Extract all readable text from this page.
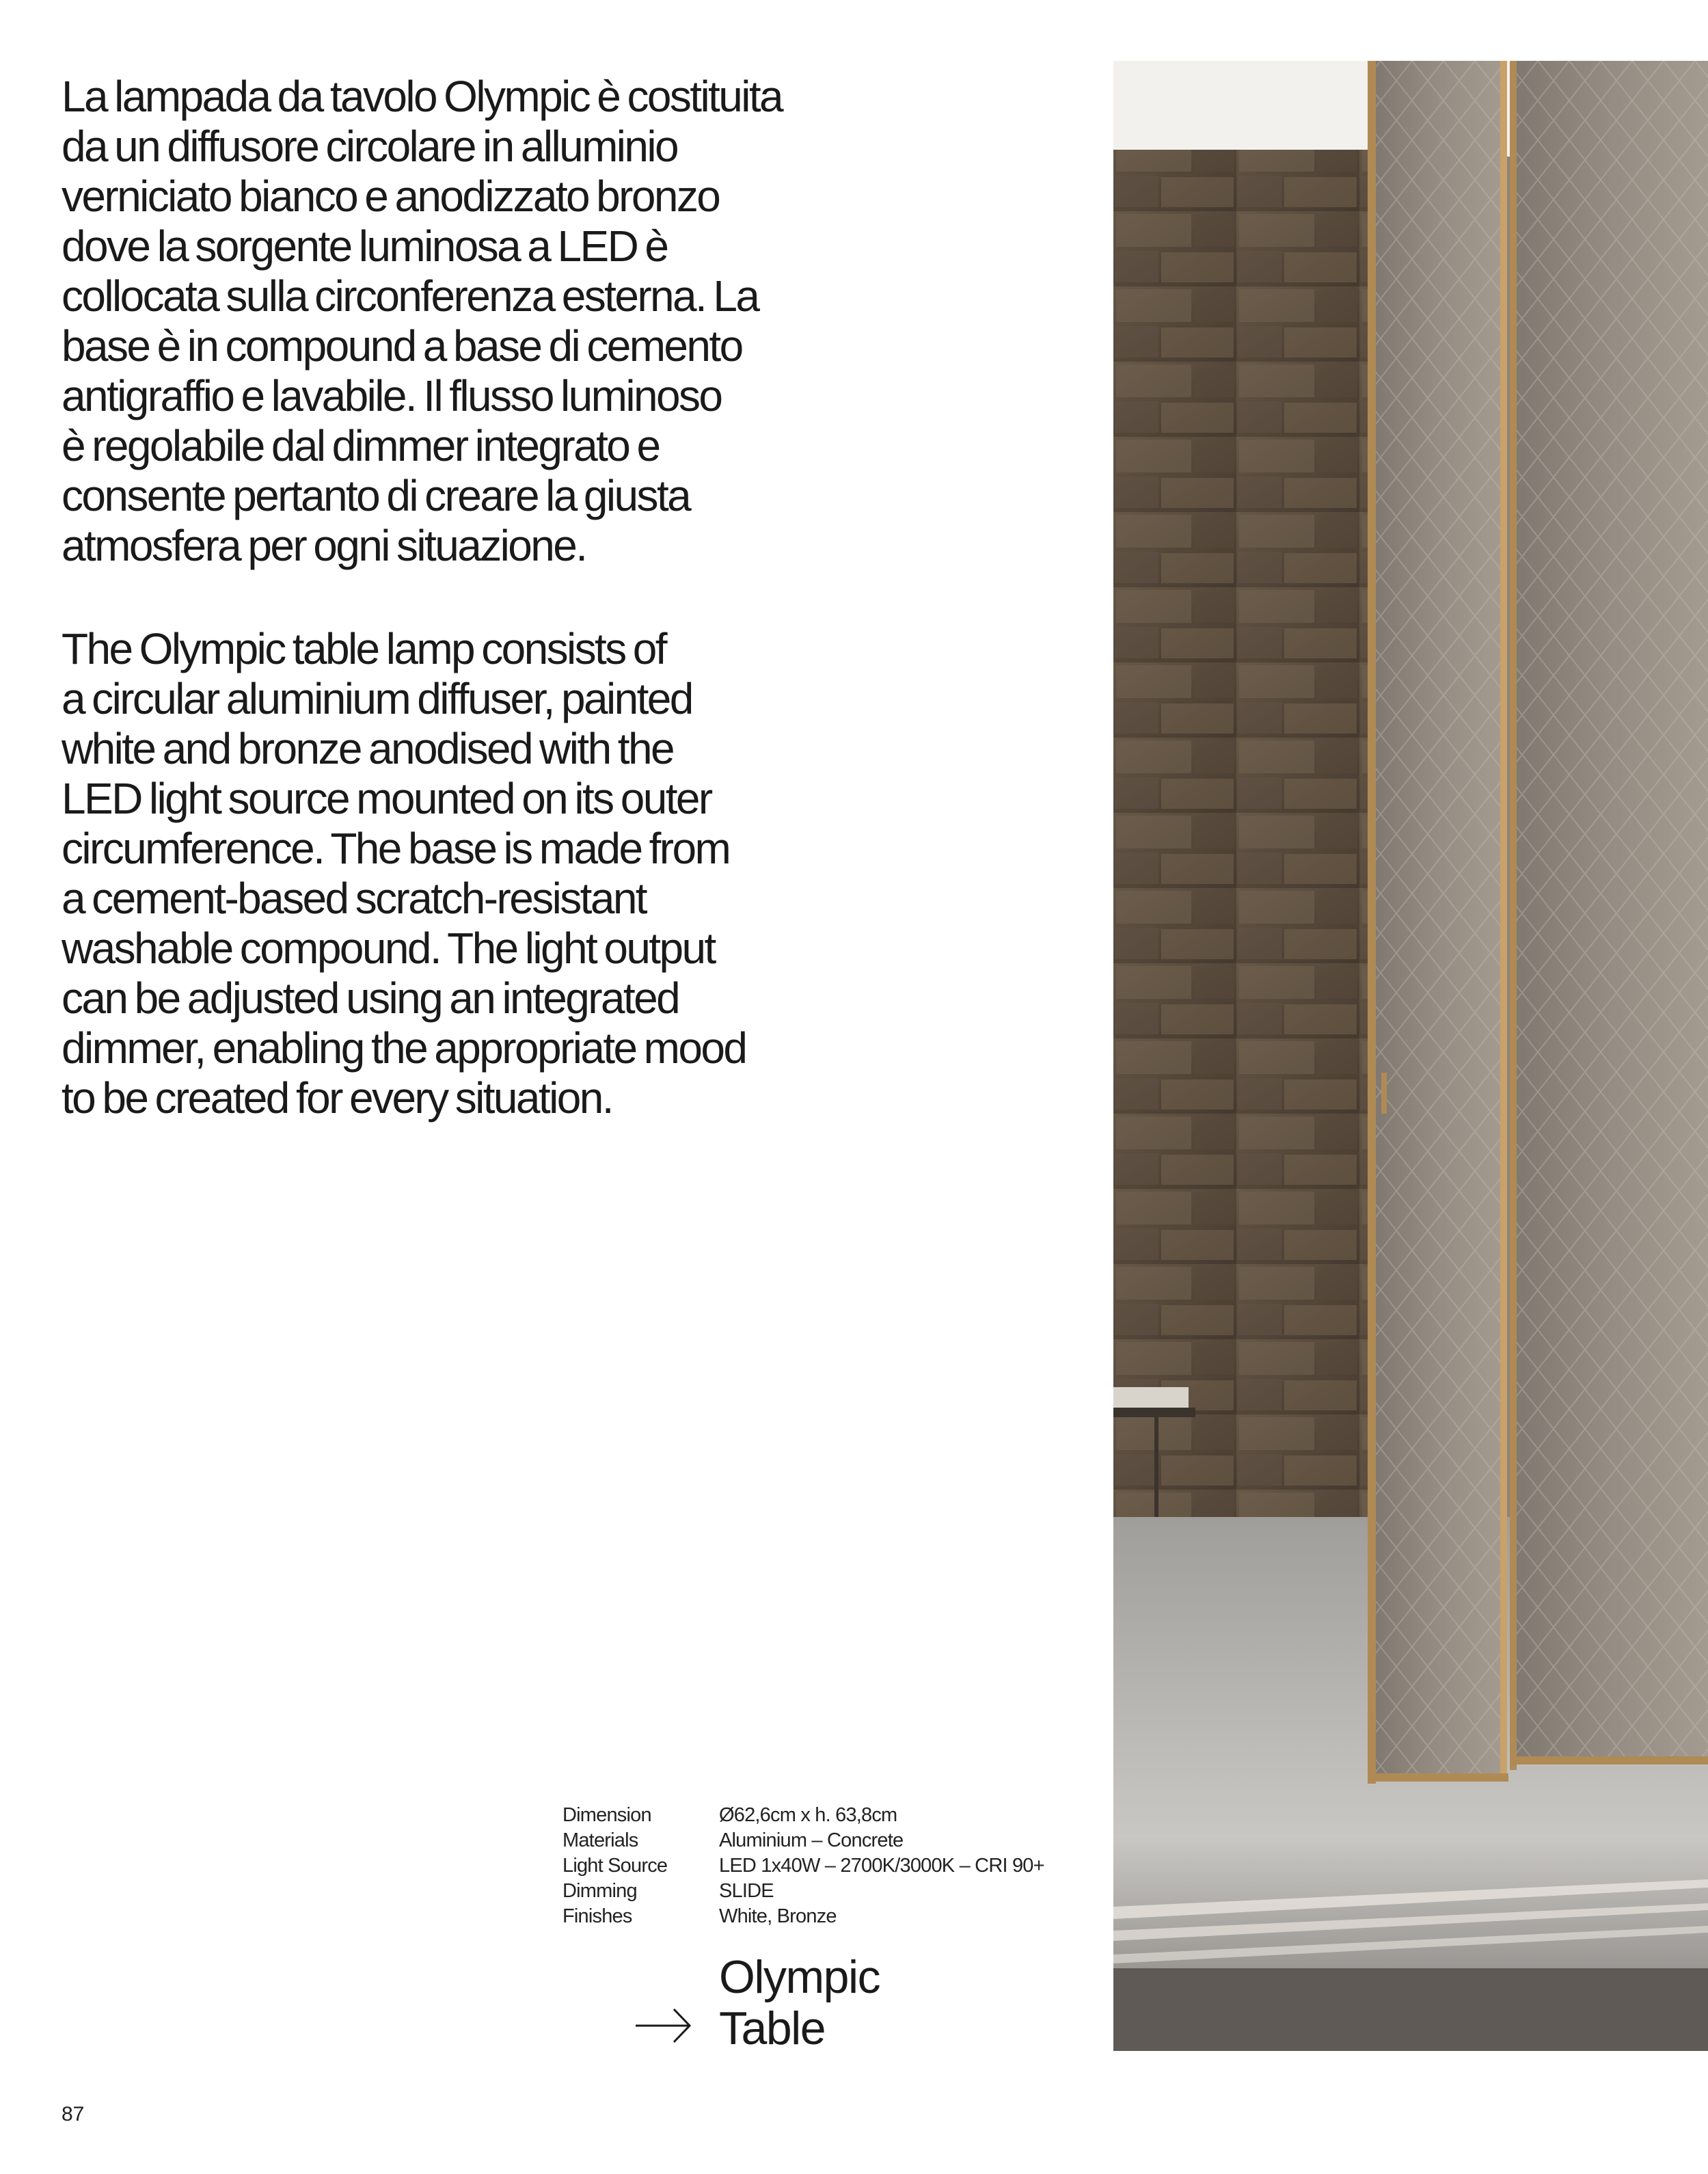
La lampada da tavolo Olympic è costituita

da un diffusore circolare in alluminio

verniciato bianco e anodizzato bronzo

dove la sorgente luminosa a LED è

collocata sulla circonferenza esterna. La

base è in compound a base di cemento

antigraffio e lavabile. Il flusso luminoso

è regolabile dal dimmer integrato e

consente pertanto di creare la giusta

atmosfera per ogni situazione.

The Olympic table lamp consists of

a circular aluminium diffuser, painted

white and bronze anodised with the

LED light source mounted on its outer

circumference. The base is made from

a cement-based scratch-resistant

washable compound. The light output

can be adjusted using an integrated

dimmer, enabling the appropriate mood

to be created for every situation.

Dimension	Ø62,6cm x h. 63,8cm
Materials	Aluminium – Concrete
Light Source	LED 1x40W – 2700K/3000K – CRI 90+
Dimming	SLIDE
Finishes	White, Bronze
Olympic
Table
87
